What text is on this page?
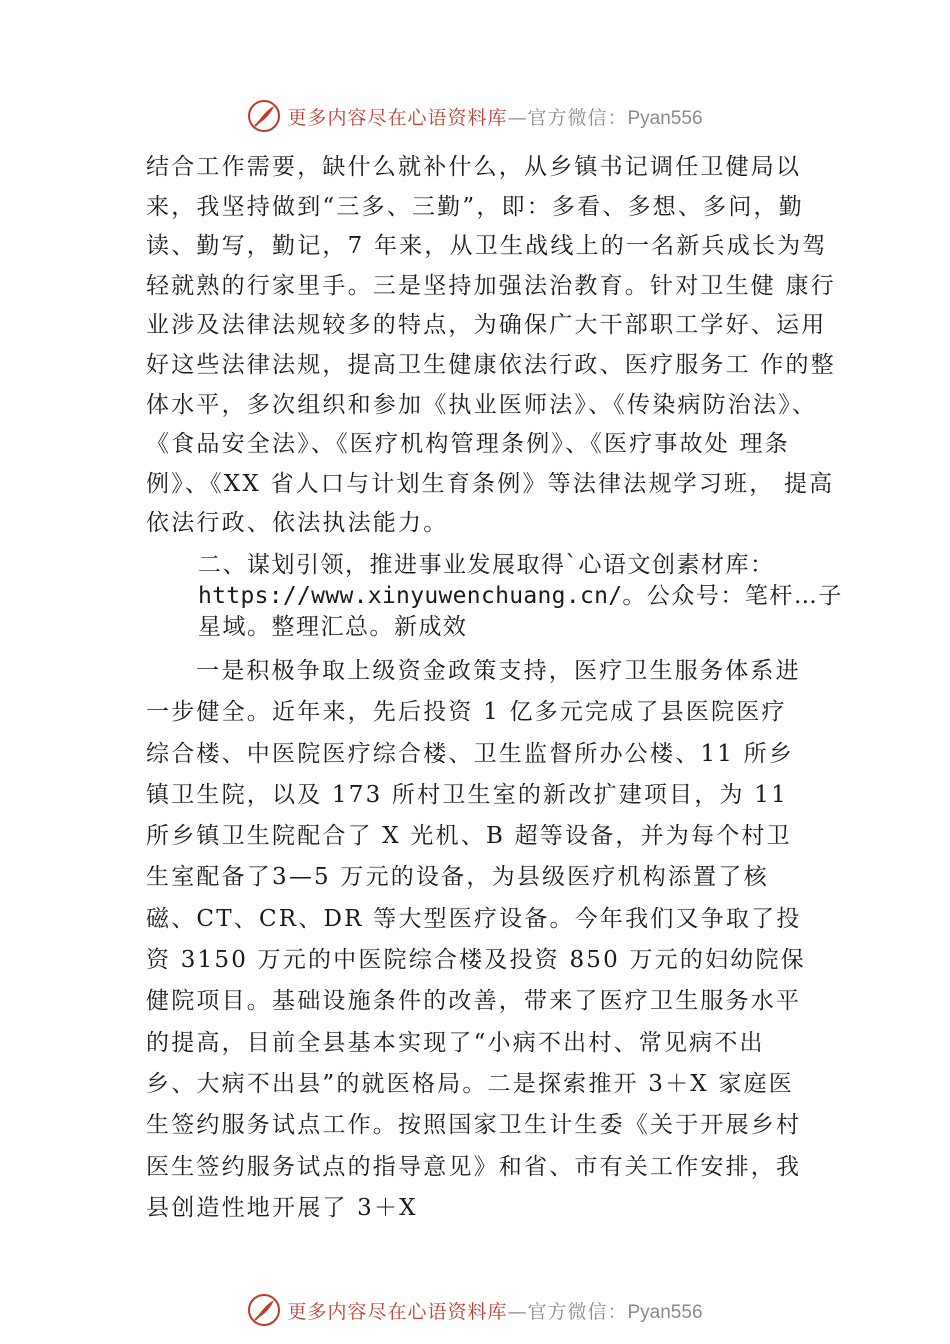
更多内容尽在心语资料库—官方微信：Pyan556

结合工作需要，缺什么就补什么，从乡镇书记调任卫健局以来，我坚持做到“三多、三勤”，即：多看、多想、多问，勤 读、勤写，勤记，7 年来，从卫生战线上的一名新兵成长为驾轻就熟的行家里手。三是坚持加强法治教育。针对卫生健 康行业涉及法律法规较多的特点，为确保广大干部职工学好、运用好这些法律法规，提高卫生健康依法行政、医疗服务工 作的整体水平，多次组织和参加《执业医师法》、《传染病防治法》、《食品安全法》、《医疗机构管理条例》、《医疗事故处 理条例》、《XX 省人口与计划生育条例》等法律法规学习班， 提高依法行政、依法执法能力。

二、谋划引领，推进事业发展取得`心语文创素材库：https://www.xinyuwenchuang.cn/。公众号：笔杆…子星域。整理汇总。新成效

一是积极争取上级资金政策支持，医疗卫生服务体系进一步健全。近年来，先后投资 1 亿多元完成了县医院医疗综合楼、中医院医疗综合楼、卫生监督所办公楼、11 所乡镇卫生院，以及 173 所村卫生室的新改扩建项目，为 11 所乡镇卫生院配合了 X 光机、B 超等设备，并为每个村卫生室配备了3—5 万元的设备，为县级医疗机构添置了核磁、CT、CR、DR 等大型医疗设备。今年我们又争取了投资 3150 万元的中医院综合楼及投资 850 万元的妇幼院保健院项目。基础设施条件的改善，带来了医疗卫生服务水平的提高，目前全县基本实现了“小病不出村、常见病不出乡、大病不出县”的就医格局。二是探索推开 3＋X 家庭医生签约服务试点工作。按照国家卫生计生委《关于开展乡村医生签约服务试点的指导意见》和省、市有关工作安排，我县创造性地开展了 3＋X

更多内容尽在心语资料库—官方微信：Pyan556
